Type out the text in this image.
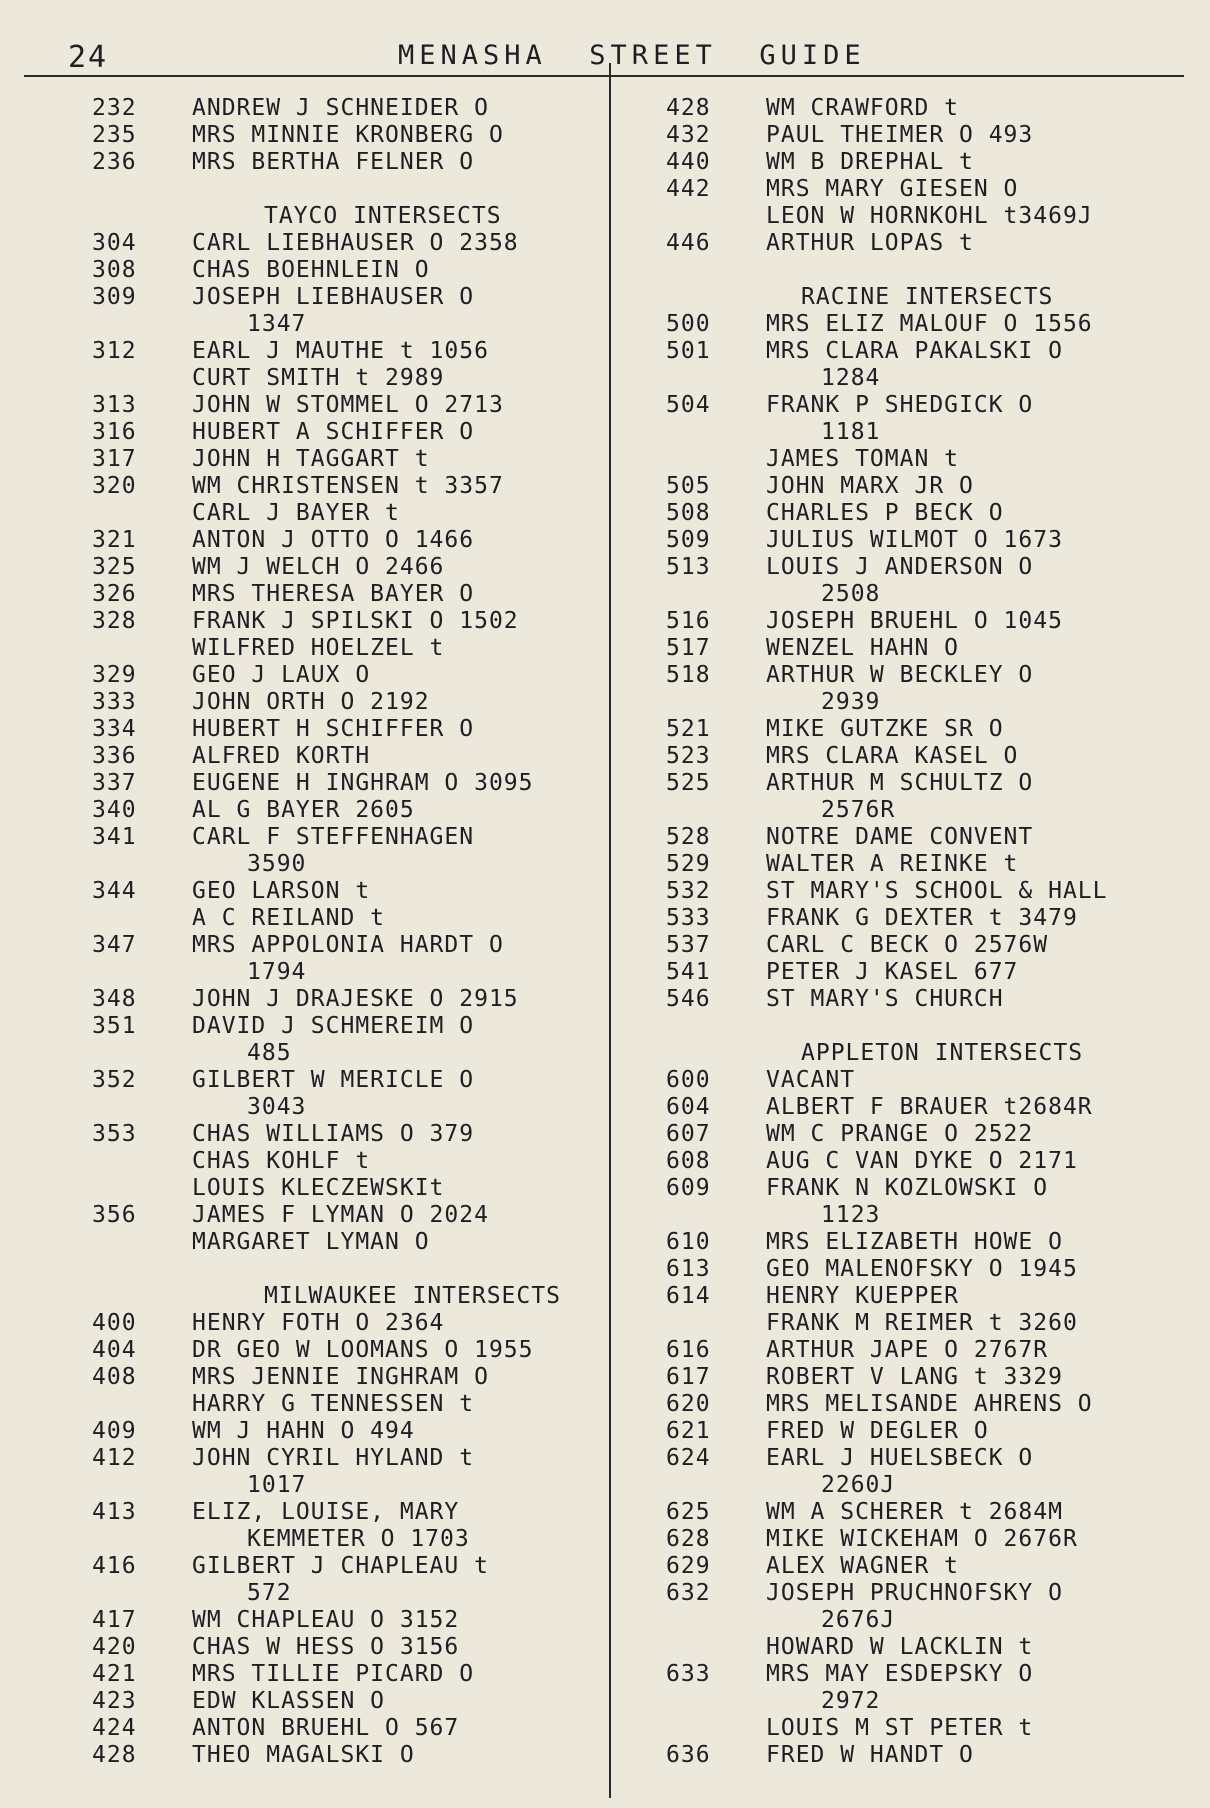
24	MENASHA  STREET  GUIDE
232	ANDREW J SCHNEIDER O
235	MRS MINNIE KRONBERG O
236	MRS BERTHA FELNER O
TAYCO INTERSECTS
304	CARL LIEBHAUSER O 2358
308	CHAS BOEHNLEIN O
309	JOSEPH LIEBHAUSER O
1347
312	EARL J MAUTHE t 1056
CURT SMITH t 2989
313	JOHN W STOMMEL O 2713
316	HUBERT A SCHIFFER O
317	JOHN H TAGGART t
320	WM CHRISTENSEN t 3357
CARL J BAYER t
321	ANTON J OTTO O 1466
325	WM J WELCH O 2466
326	MRS THERESA BAYER O
328	FRANK J SPILSKI O 1502
WILFRED HOELZEL t
329	GEO J LAUX O
333	JOHN ORTH O 2192
334	HUBERT H SCHIFFER O
336	ALFRED KORTH
337	EUGENE H INGHRAM O 3095
340	AL G BAYER 2605
341	CARL F STEFFENHAGEN
3590
344	GEO LARSON t
A C REILAND t
347	MRS APPOLONIA HARDT O
1794
348	JOHN J DRAJESKE O 2915
351	DAVID J SCHMEREIM O
485
352	GILBERT W MERICLE O
3043
353	CHAS WILLIAMS O 379
CHAS KOHLF t
LOUIS KLECZEWSKIt
356	JAMES F LYMAN O 2024
MARGARET LYMAN O
MILWAUKEE INTERSECTS
400	HENRY FOTH O 2364
404	DR GEO W LOOMANS O 1955
408	MRS JENNIE INGHRAM O
HARRY G TENNESSEN t
409	WM J HAHN O 494
412	JOHN CYRIL HYLAND t
1017
413	ELIZ, LOUISE, MARY
KEMMETER O 1703
416	GILBERT J CHAPLEAU t
572
417	WM CHAPLEAU O 3152
420	CHAS W HESS O 3156
421	MRS TILLIE PICARD O
423	EDW KLASSEN O
424	ANTON BRUEHL O 567
428	THEO MAGALSKI O
428	WM CRAWFORD t
432	PAUL THEIMER O 493
440	WM B DREPHAL t
442	MRS MARY GIESEN O
LEON W HORNKOHL t3469J
446	ARTHUR LOPAS t
RACINE INTERSECTS
500	MRS ELIZ MALOUF O 1556
501	MRS CLARA PAKALSKI O
1284
504	FRANK P SHEDGICK O
1181
JAMES TOMAN t
505	JOHN MARX JR O
508	CHARLES P BECK O
509	JULIUS WILMOT O 1673
513	LOUIS J ANDERSON O
2508
516	JOSEPH BRUEHL O 1045
517	WENZEL HAHN O
518	ARTHUR W BECKLEY O
2939
521	MIKE GUTZKE SR O
523	MRS CLARA KASEL O
525	ARTHUR M SCHULTZ O
2576R
528	NOTRE DAME CONVENT
529	WALTER A REINKE t
532	ST MARY'S SCHOOL & HALL
533	FRANK G DEXTER t 3479
537	CARL C BECK O 2576W
541	PETER J KASEL 677
546	ST MARY'S CHURCH
APPLETON INTERSECTS
600	VACANT
604	ALBERT F BRAUER t2684R
607	WM C PRANGE O 2522
608	AUG C VAN DYKE O 2171
609	FRANK N KOZLOWSKI O
1123
610	MRS ELIZABETH HOWE O
613	GEO MALENOFSKY O 1945
614	HENRY KUEPPER
FRANK M REIMER t 3260
616	ARTHUR JAPE O 2767R
617	ROBERT V LANG t 3329
620	MRS MELISANDE AHRENS O
621	FRED W DEGLER O
624	EARL J HUELSBECK O
2260J
625	WM A SCHERER t 2684M
628	MIKE WICKEHAM O 2676R
629	ALEX WAGNER t
632	JOSEPH PRUCHNOFSKY O
2676J
HOWARD W LACKLIN t
633	MRS MAY ESDEPSKY O
2972
LOUIS M ST PETER t
636	FRED W HANDT O
